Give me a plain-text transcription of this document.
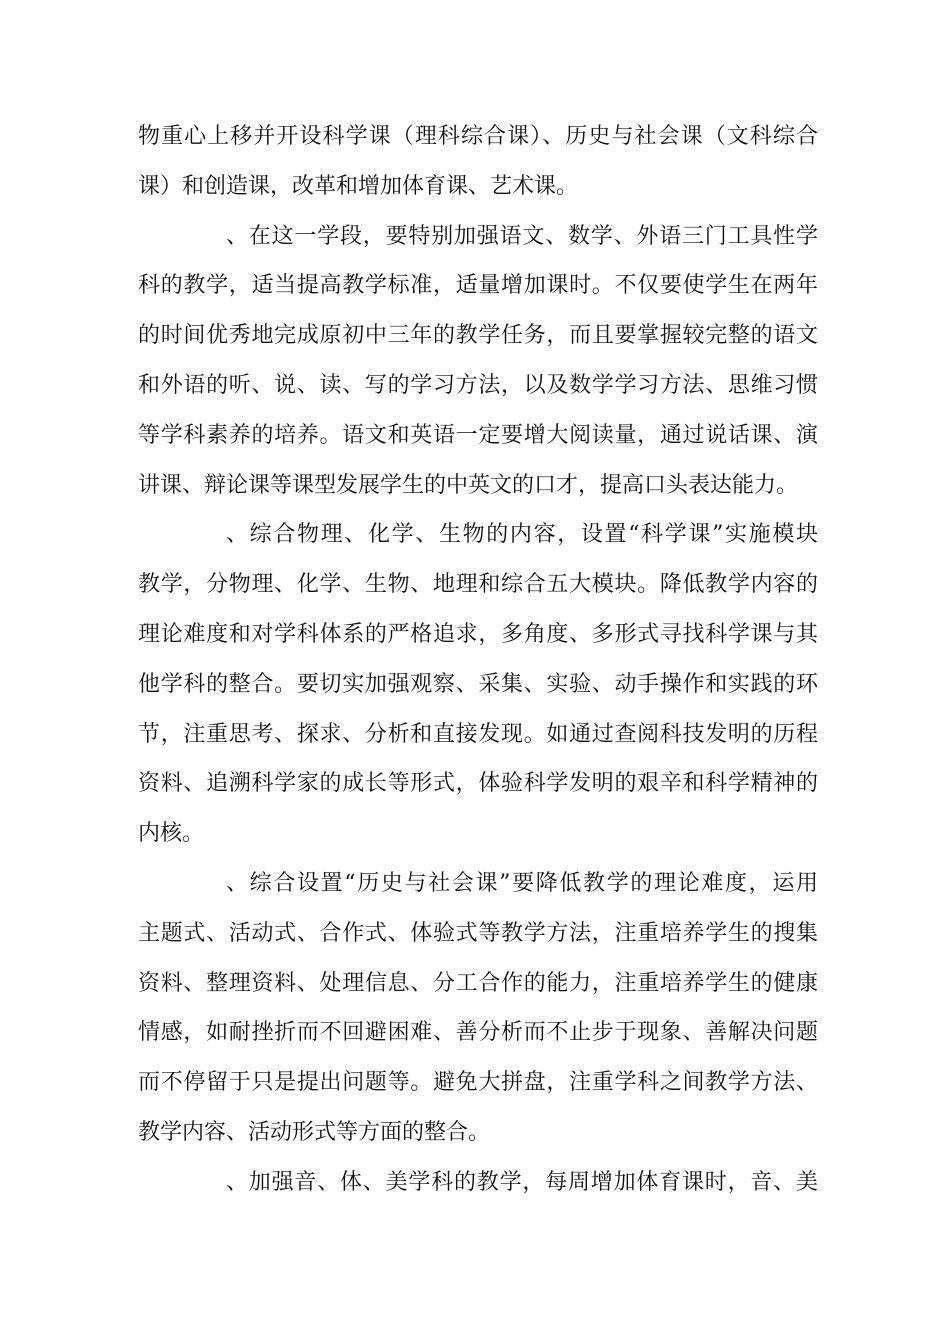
物重心上移并开设科学课（理科综合课）、历史与社会课（文科综合

课）和创造课，改革和增加体育课、艺术课。

、在这一学段，要特别加强语文、数学、外语三门工具性学

科的教学，适当提高教学标准，适量增加课时。不仅要使学生在两年

的时间优秀地完成原初中三年的教学任务，而且要掌握较完整的语文

和外语的听、说、读、写的学习方法，以及数学学习方法、思维习惯

等学科素养的培养。语文和英语一定要增大阅读量，通过说话课、演

讲课、辩论课等课型发展学生的中英文的口才，提高口头表达能力。

、综合物理、化学、生物的内容，设置“科学课”实施模块

教学，分物理、化学、生物、地理和综合五大模块。降低教学内容的

理论难度和对学科体系的严格追求，多角度、多形式寻找科学课与其

他学科的整合。要切实加强观察、采集、实验、动手操作和实践的环

节，注重思考、探求、分析和直接发现。如通过查阅科技发明的历程

资料、追溯科学家的成长等形式，体验科学发明的艰辛和科学精神的

内核。

、综合设置“历史与社会课”要降低教学的理论难度，运用

主题式、活动式、合作式、体验式等教学方法，注重培养学生的搜集

资料、整理资料、处理信息、分工合作的能力，注重培养学生的健康

情感，如耐挫折而不回避困难、善分析而不止步于现象、善解决问题

而不停留于只是提出问题等。避免大拼盘，注重学科之间教学方法、

教学内容、活动形式等方面的整合。

、加强音、体、美学科的教学，每周增加体育课时，音、美
